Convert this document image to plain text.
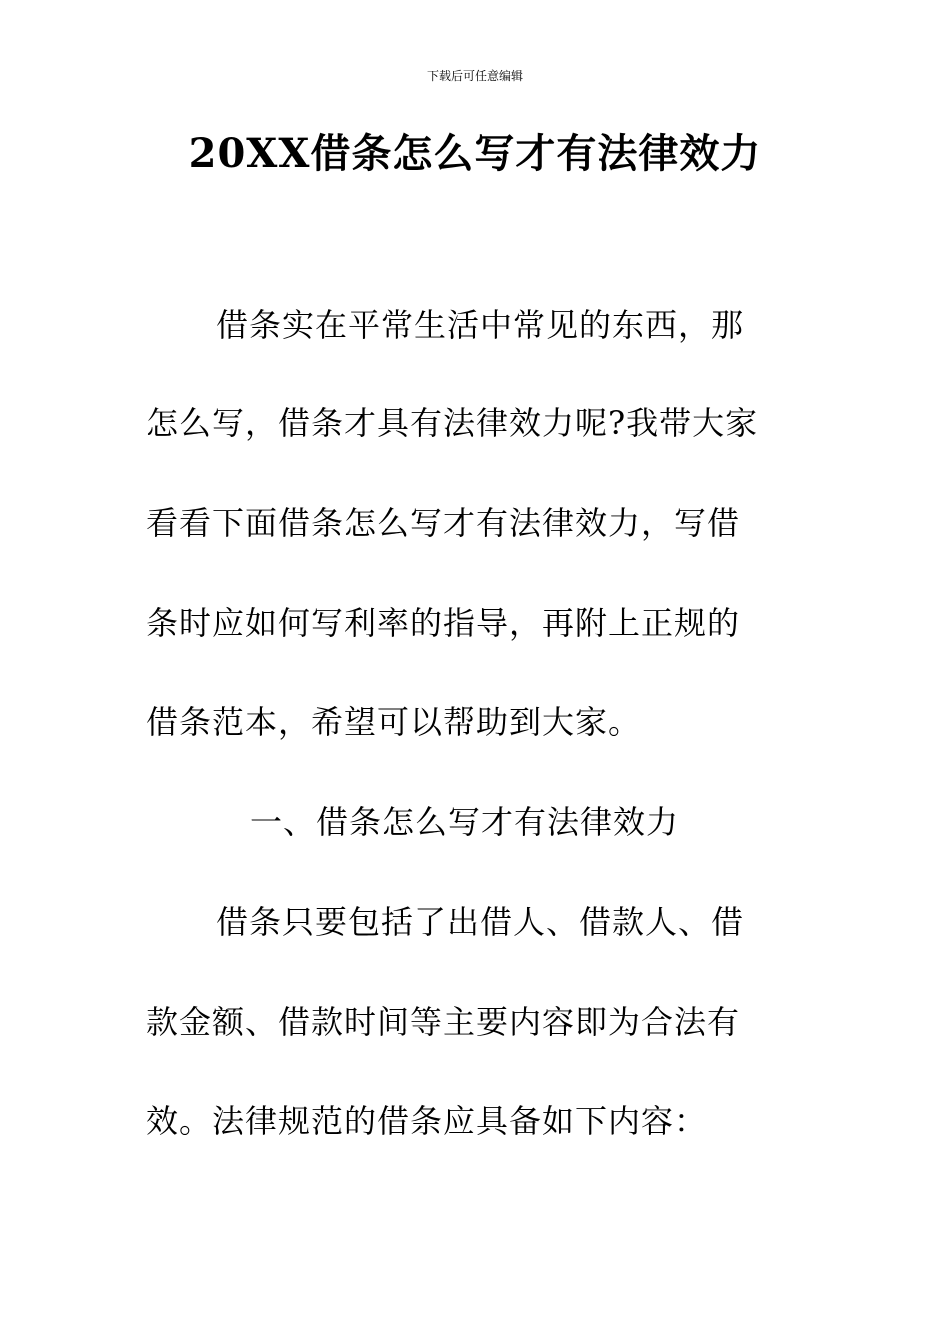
下载后可任意编辑
20XX借条怎么写才有法律效力
借条实在平常生活中常见的东西，那
怎么写，借条才具有法律效力呢?我带大家
看看下面借条怎么写才有法律效力，写借
条时应如何写利率的指导，再附上正规的
借条范本，希望可以帮助到大家。
一、借条怎么写才有法律效力
借条只要包括了出借人、借款人、借
款金额、借款时间等主要内容即为合法有
效。法律规范的借条应具备如下内容：
